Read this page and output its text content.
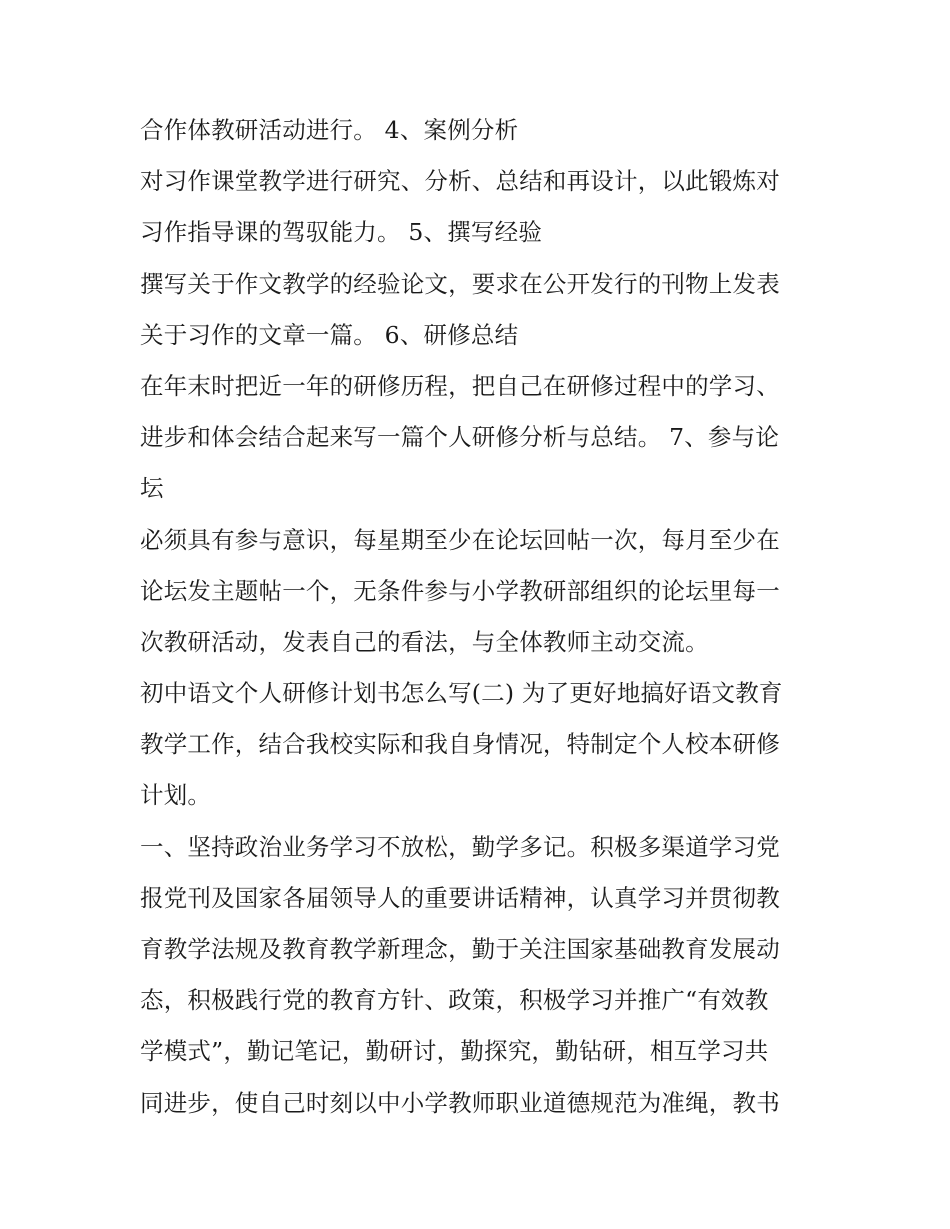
合作体教研活动进行。 4、案例分析
对习作课堂教学进行研究、分析、总结和再设计，以此锻炼对
习作指导课的驾驭能力。 5、撰写经验
撰写关于作文教学的经验论文，要求在公开发行的刊物上发表
关于习作的文章一篇。 6、研修总结
在年末时把近一年的研修历程，把自己在研修过程中的学习、
进步和体会结合起来写一篇个人研修分析与总结。 7、参与论
坛
必须具有参与意识，每星期至少在论坛回帖一次，每月至少在
论坛发主题帖一个，无条件参与小学教研部组织的论坛里每一
次教研活动，发表自己的看法，与全体教师主动交流。
初中语文个人研修计划书怎么写(二) 为了更好地搞好语文教育
教学工作，结合我校实际和我自身情况，特制定个人校本研修
计划。
一、坚持政治业务学习不放松，勤学多记。积极多渠道学习党
报党刊及国家各届领导人的重要讲话精神，认真学习并贯彻教
育教学法规及教育教学新理念，勤于关注国家基础教育发展动
态，积极践行党的教育方针、政策，积极学习并推广“有效教
学模式”，勤记笔记，勤研讨，勤探究，勤钻研，相互学习共
同进步，使自己时刻以中小学教师职业道德规范为准绳，教书
